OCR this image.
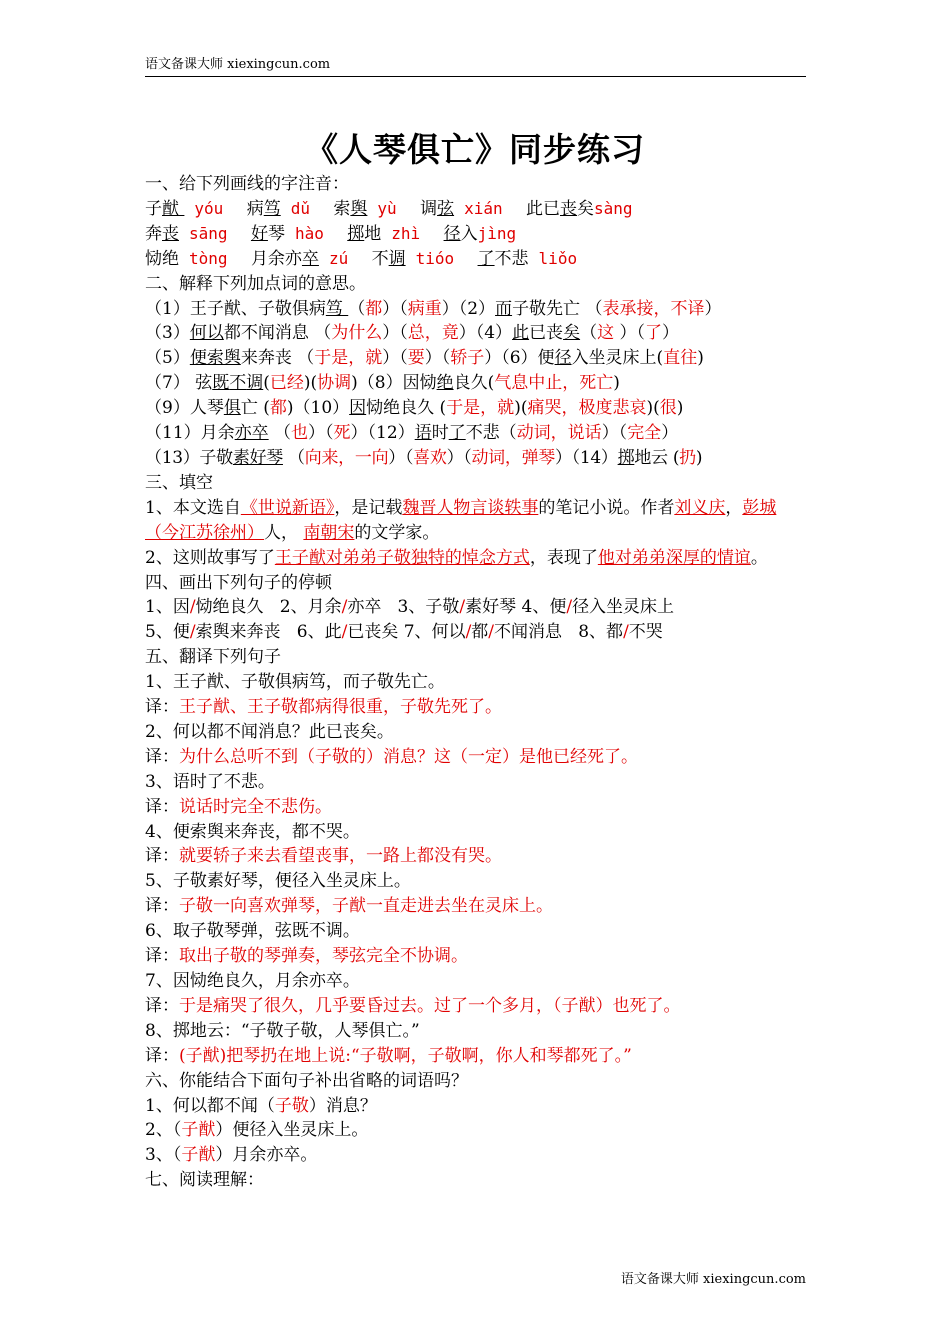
语文备课大师 xiexingcun.com
《人琴俱亡》同步练习
一、给下列画线的字注音：
子猷 yóu 病笃 dǔ 索舆 yù 调弦 xián 此已丧矣sàng
奔丧 sāng 好琴 hào 掷地 zhì 径入jìng
恸绝 tòng 月余亦卒 zú 不调 tióo 了不悲 liǒo
二、解释下列加点词的意思。
（1）王子猷、子敬俱病笃 （都）（病重）（2）而子敬先亡 （表承接，不译）
（3）何以都不闻消息 （为什么）（总，竟）（4）此已丧矣（这 ）（了）
（5）便索舆来奔丧 （于是，就）（要）（轿子）（6）便径入坐灵床上(直往)
（7） 弦既不调(已经)(协调)（8）因恸绝良久(气息中止，死亡)
（9）人琴俱亡 (都)（10）因恸绝良久 (于是，就)(痛哭，极度悲哀)(很)
（11）月余亦卒 （也）（死）（12）语时了不悲（动词，说话）（完全）
（13）子敬素好琴 （向来，一向）（喜欢）（动词，弹琴）（14）掷地云 (扔)
三、填空
1、本文选自《世说新语》，是记载魏晋人物言谈轶事的笔记小说。作者刘义庆，彭城（今江苏徐州）人， 南朝宋的文学家。
2、这则故事写了王子猷对弟弟子敬独特的悼念方式，表现了他对弟弟深厚的情谊。
四、画出下列句子的停顿
1、因/恸绝良久   2、月余/亦卒   3、子敬/素好琴 4、便/径入坐灵床上
5、便/索舆来奔丧   6、此/已丧矣 7、何以/都/不闻消息   8、都/不哭
五、翻译下列句子
1、王子猷、子敬俱病笃，而子敬先亡。
译：王子猷、王子敬都病得很重，子敬先死了。
2、何以都不闻消息？此已丧矣。
译：为什么总听不到（子敬的）消息？这（一定）是他已经死了。
3、语时了不悲。
译：说话时完全不悲伤。
4、便索舆来奔丧，都不哭。
译：就要轿子来去看望丧事，一路上都没有哭。
5、子敬素好琴，便径入坐灵床上。
译：子敬一向喜欢弹琴，子猷一直走进去坐在灵床上。
6、取子敬琴弹，弦既不调。
译：取出子敬的琴弹奏，琴弦完全不协调。
7、因恸绝良久，月余亦卒。
译：于是痛哭了很久，几乎要昏过去。过了一个多月，（子猷）也死了。
8、掷地云：“子敬子敬，人琴俱亡。”
译：(子猷)把琴扔在地上说:“子敬啊，子敬啊，你人和琴都死了。”
六、你能结合下面句子补出省略的词语吗？
1、何以都不闻（子敬）消息？
2、（子猷）便径入坐灵床上。
3、（子猷）月余亦卒。
七、阅读理解：
语文备课大师 xiexingcun.com
